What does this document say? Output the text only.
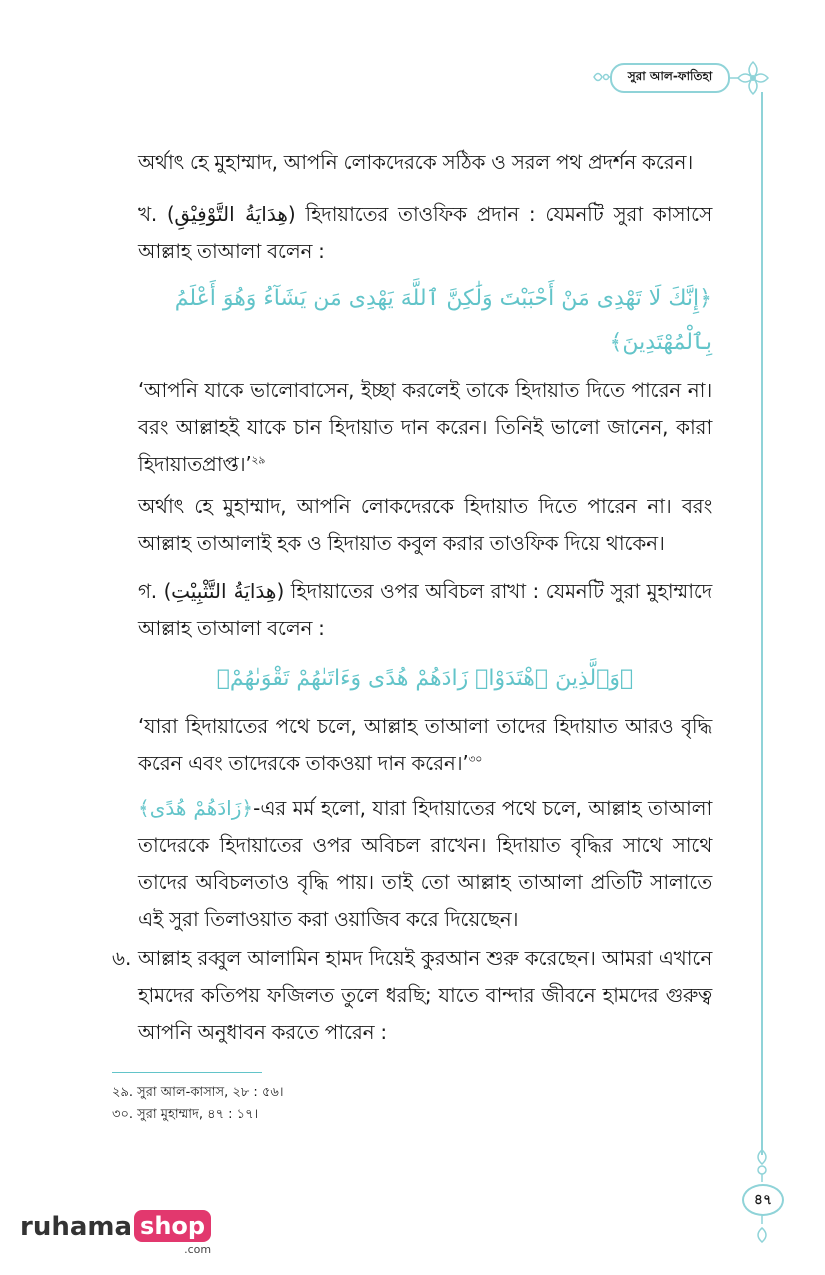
সুরা আল-ফাতিহা
অর্থাৎ হে মুহাম্মাদ, আপনি লোকদেরকে সঠিক ও সরল পথ প্রদর্শন করেন।
খ. (هِدَايَةُ التَّوْفِيْقِ) হিদায়াতের তাওফিক প্রদান : যেমনটি সুরা কাসাসে আল্লাহ তাআলা বলেন :
﴿إِنَّكَ لَا تَهْدِى مَنْ أَحْبَبْتَ وَلَٰكِنَّ ٱللَّهَ يَهْدِى مَن يَشَآءُ وَهُوَ أَعْلَمُ
بِٱلْمُهْتَدِينَ﴾
‘আপনি যাকে ভালোবাসেন, ইচ্ছা করলেই তাকে হিদায়াত দিতে পারেন না। বরং আল্লাহই যাকে চান হিদায়াত দান করেন। তিনিই ভালো জানেন, কারা হিদায়াতপ্রাপ্ত।’$^{২৯}$
অর্থাৎ হে মুহাম্মাদ, আপনি লোকদেরকে হিদায়াত দিতে পারেন না। বরং আল্লাহ তাআলাই হক ও হিদায়াত কবুল করার তাওফিক দিয়ে থাকেন।
গ. (هِدَايَةُ التَّثْبِيْتِ) হিদায়াতের ওপর অবিচল রাখা : যেমনটি সুরা মুহাম্মাদে আল্লাহ তাআলা বলেন :
﴿وَٱلَّذِينَ ٱهْتَدَوْا۟ زَادَهُمْ هُدًى وَءَاتَىٰهُمْ تَقْوَىٰهُمْ﴾
‘যারা হিদায়াতের পথে চলে, আল্লাহ তাআলা তাদের হিদায়াত আরও বৃদ্ধি করেন এবং তাদেরকে তাকওয়া দান করেন।’$^{৩০}$
﴿زَادَهُمْ هُدًى﴾-এর মর্ম হলো, যারা হিদায়াতের পথে চলে, আল্লাহ তাআলা তাদেরকে হিদায়াতের ওপর অবিচল রাখেন। হিদায়াত বৃদ্ধির সাথে সাথে তাদের অবিচলতাও বৃদ্ধি পায়। তাই তো আল্লাহ তাআলা প্রতিটি সালাতে এই সুরা তিলাওয়াত করা ওয়াজিব করে দিয়েছেন।
৬. আল্লাহ রব্বুল আলামিন হামদ দিয়েই কুরআন শুরু করেছেন। আমরা এখানে হামদের কতিপয় ফজিলত তুলে ধরছি; যাতে বান্দার জীবনে হামদের গুরুত্ব আপনি অনুধাবন করতে পারেন :
২৯. সুরা আল-কাসাস, ২৮ : ৫৬।
৩০. সুরা মুহাম্মাদ, ৪৭ : ১৭।
৪৭
ruhama shop
.com
